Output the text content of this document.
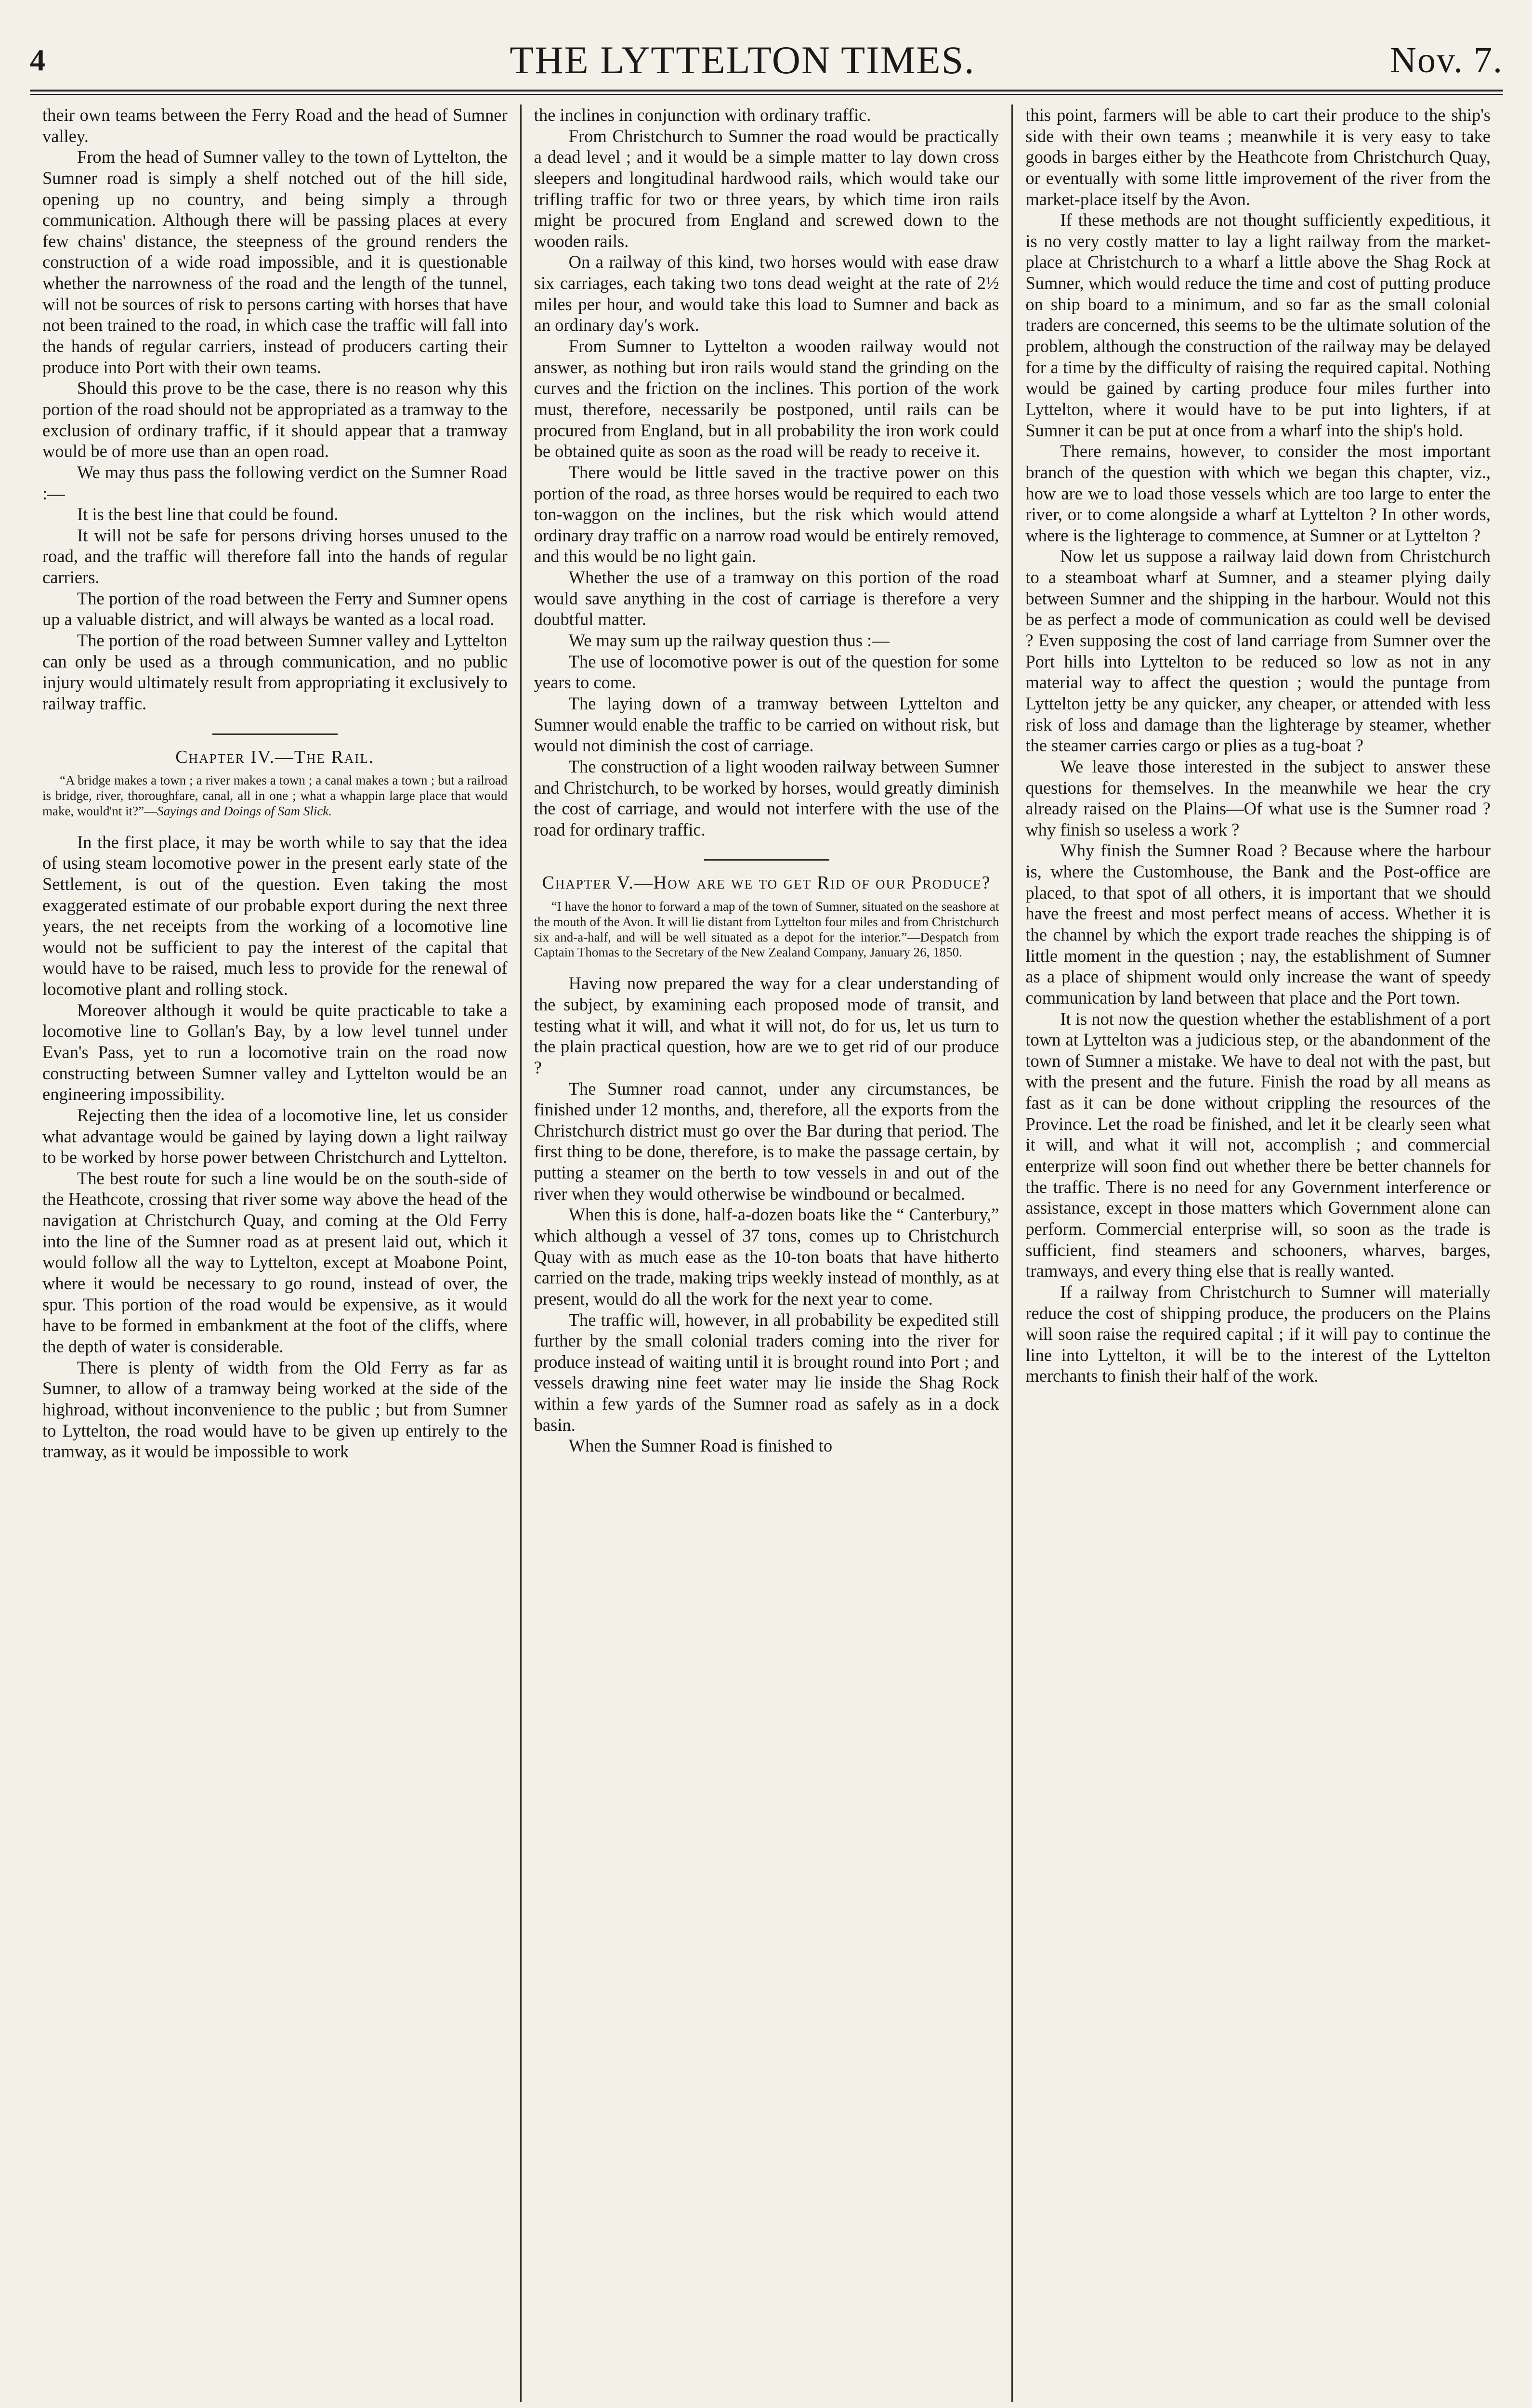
4	THE LYTTELTON TIMES.	Nov. 7.

their own teams between the Ferry Road and the head of Sumner valley.

From the head of Sumner valley to the town of Lyttelton, the Sumner road is simply a shelf notched out of the hill side, opening up no country, and being simply a through communication. Although there will be passing places at every few chains' distance, the steepness of the ground renders the construction of a wide road impossible, and it is questionable whether the narrowness of the road and the length of the tunnel, will not be sources of risk to persons carting with horses that have not been trained to the road, in which case the traffic will fall into the hands of regular carriers, instead of producers carting their produce into Port with their own teams.

Should this prove to be the case, there is no reason why this portion of the road should not be appropriated as a tramway to the exclusion of ordinary traffic, if it should appear that a tramway would be of more use than an open road.

We may thus pass the following verdict on the Sumner Road :—

It is the best line that could be found.

It will not be safe for persons driving horses unused to the road, and the traffic will therefore fall into the hands of regular carriers.

The portion of the road between the Ferry and Sumner opens up a valuable district, and will always be wanted as a local road.

The portion of the road between Sumner valley and Lyttelton can only be used as a through communication, and no public injury would ultimately result from appropriating it exclusively to railway traffic.

Chapter IV.—The Rail.
“A bridge makes a town ; a river makes a town ; a canal makes a town ; but a railroad is bridge, river, thoroughfare, canal, all in one ; what a whappin large place that would make, would'nt it?”—Sayings and Doings of Sam Slick.

In the first place, it may be worth while to say that the idea of using steam locomotive power in the present early state of the Settlement, is out of the question. Even taking the most exaggerated estimate of our probable export during the next three years, the net receipts from the working of a locomotive line would not be sufficient to pay the interest of the capital that would have to be raised, much less to provide for the renewal of locomotive plant and rolling stock.

Moreover although it would be quite practicable to take a locomotive line to Gollan's Bay, by a low level tunnel under Evan's Pass, yet to run a locomotive train on the road now constructing between Sumner valley and Lyttelton would be an engineering impossibility.

Rejecting then the idea of a locomotive line, let us consider what advantage would be gained by laying down a light railway to be worked by horse power between Christchurch and Lyttelton.

The best route for such a line would be on the south-side of the Heathcote, crossing that river some way above the head of the navigation at Christchurch Quay, and coming at the Old Ferry into the line of the Sumner road as at present laid out, which it would follow all the way to Lyttelton, except at Moabone Point, where it would be necessary to go round, instead of over, the spur. This portion of the road would be expensive, as it would have to be formed in embankment at the foot of the cliffs, where the depth of water is considerable.

There is plenty of width from the Old Ferry as far as Sumner, to allow of a tramway being worked at the side of the highroad, without inconvenience to the public ; but from Sumner to Lyttelton, the road would have to be given up entirely to the tramway, as it would be impossible to work

the inclines in conjunction with ordinary traffic.

From Christchurch to Sumner the road would be practically a dead level ; and it would be a simple matter to lay down cross sleepers and longitudinal hardwood rails, which would take our trifling traffic for two or three years, by which time iron rails might be procured from England and screwed down to the wooden rails.

On a railway of this kind, two horses would with ease draw six carriages, each taking two tons dead weight at the rate of 2½ miles per hour, and would take this load to Sumner and back as an ordinary day's work.

From Sumner to Lyttelton a wooden railway would not answer, as nothing but iron rails would stand the grinding on the curves and the friction on the inclines. This portion of the work must, therefore, necessarily be postponed, until rails can be procured from England, but in all probability the iron work could be obtained quite as soon as the road will be ready to receive it.

There would be little saved in the tractive power on this portion of the road, as three horses would be required to each two ton-waggon on the inclines, but the risk which would attend ordinary dray traffic on a narrow road would be entirely removed, and this would be no light gain.

Whether the use of a tramway on this portion of the road would save anything in the cost of carriage is therefore a very doubtful matter.

We may sum up the railway question thus :—

The use of locomotive power is out of the question for some years to come.

The laying down of a tramway between Lyttelton and Sumner would enable the traffic to be carried on without risk, but would not diminish the cost of carriage.

The construction of a light wooden railway between Sumner and Christchurch, to be worked by horses, would greatly diminish the cost of carriage, and would not interfere with the use of the road for ordinary traffic.

Chapter V.—How are we to get Rid of our Produce?
“I have the honor to forward a map of the town of Sumner, situated on the seashore at the mouth of the Avon. It will lie distant from Lyttelton four miles and from Christchurch six and-a-half, and will be well situated as a depot for the interior.”—Despatch from Captain Thomas to the Secretary of the New Zealand Company, January 26, 1850.

Having now prepared the way for a clear understanding of the subject, by examining each proposed mode of transit, and testing what it will, and what it will not, do for us, let us turn to the plain practical question, how are we to get rid of our produce ?

The Sumner road cannot, under any circumstances, be finished under 12 months, and, therefore, all the exports from the Christchurch district must go over the Bar during that period. The first thing to be done, therefore, is to make the passage certain, by putting a steamer on the berth to tow vessels in and out of the river when they would otherwise be windbound or becalmed.

When this is done, half-a-dozen boats like the “ Canterbury,” which although a vessel of 37 tons, comes up to Christchurch Quay with as much ease as the 10-ton boats that have hitherto carried on the trade, making trips weekly instead of monthly, as at present, would do all the work for the next year to come.

The traffic will, however, in all probability be expedited still further by the small colonial traders coming into the river for produce instead of waiting until it is brought round into Port ; and vessels drawing nine feet water may lie inside the Shag Rock within a few yards of the Sumner road as safely as in a dock basin.

When the Sumner Road is finished to

this point, farmers will be able to cart their produce to the ship's side with their own teams ; meanwhile it is very easy to take goods in barges either by the Heathcote from Christchurch Quay, or eventually with some little improvement of the river from the market-place itself by the Avon.

If these methods are not thought sufficiently expeditious, it is no very costly matter to lay a light railway from the market-place at Christchurch to a wharf a little above the Shag Rock at Sumner, which would reduce the time and cost of putting produce on ship board to a minimum, and so far as the small colonial traders are concerned, this seems to be the ultimate solution of the problem, although the construction of the railway may be delayed for a time by the difficulty of raising the required capital. Nothing would be gained by carting produce four miles further into Lyttelton, where it would have to be put into lighters, if at Sumner it can be put at once from a wharf into the ship's hold.

There remains, however, to consider the most important branch of the question with which we began this chapter, viz., how are we to load those vessels which are too large to enter the river, or to come alongside a wharf at Lyttelton ? In other words, where is the lighterage to commence, at Sumner or at Lyttelton ?

Now let us suppose a railway laid down from Christchurch to a steamboat wharf at Sumner, and a steamer plying daily between Sumner and the shipping in the harbour. Would not this be as perfect a mode of communication as could well be devised ? Even supposing the cost of land carriage from Sumner over the Port hills into Lyttelton to be reduced so low as not in any material way to affect the question ; would the puntage from Lyttelton jetty be any quicker, any cheaper, or attended with less risk of loss and damage than the lighterage by steamer, whether the steamer carries cargo or plies as a tug-boat ?

We leave those interested in the subject to answer these questions for themselves. In the meanwhile we hear the cry already raised on the Plains—Of what use is the Sumner road ? why finish so useless a work ?

Why finish the Sumner Road ? Because where the harbour is, where the Customhouse, the Bank and the Post-office are placed, to that spot of all others, it is important that we should have the freest and most perfect means of access. Whether it is the channel by which the export trade reaches the shipping is of little moment in the question ; nay, the establishment of Sumner as a place of shipment would only increase the want of speedy communication by land between that place and the Port town.

It is not now the question whether the establishment of a port town at Lyttelton was a judicious step, or the abandonment of the town of Sumner a mistake. We have to deal not with the past, but with the present and the future. Finish the road by all means as fast as it can be done without crippling the resources of the Province. Let the road be finished, and let it be clearly seen what it will, and what it will not, accomplish ; and commercial enterprize will soon find out whether there be better channels for the traffic. There is no need for any Government interference or assistance, except in those matters which Government alone can perform. Commercial enterprise will, so soon as the trade is sufficient, find steamers and schooners, wharves, barges, tramways, and every thing else that is really wanted.

If a railway from Christchurch to Sumner will materially reduce the cost of shipping produce, the producers on the Plains will soon raise the required capital ; if it will pay to continue the line into Lyttelton, it will be to the interest of the Lyttelton merchants to finish their half of the work.
